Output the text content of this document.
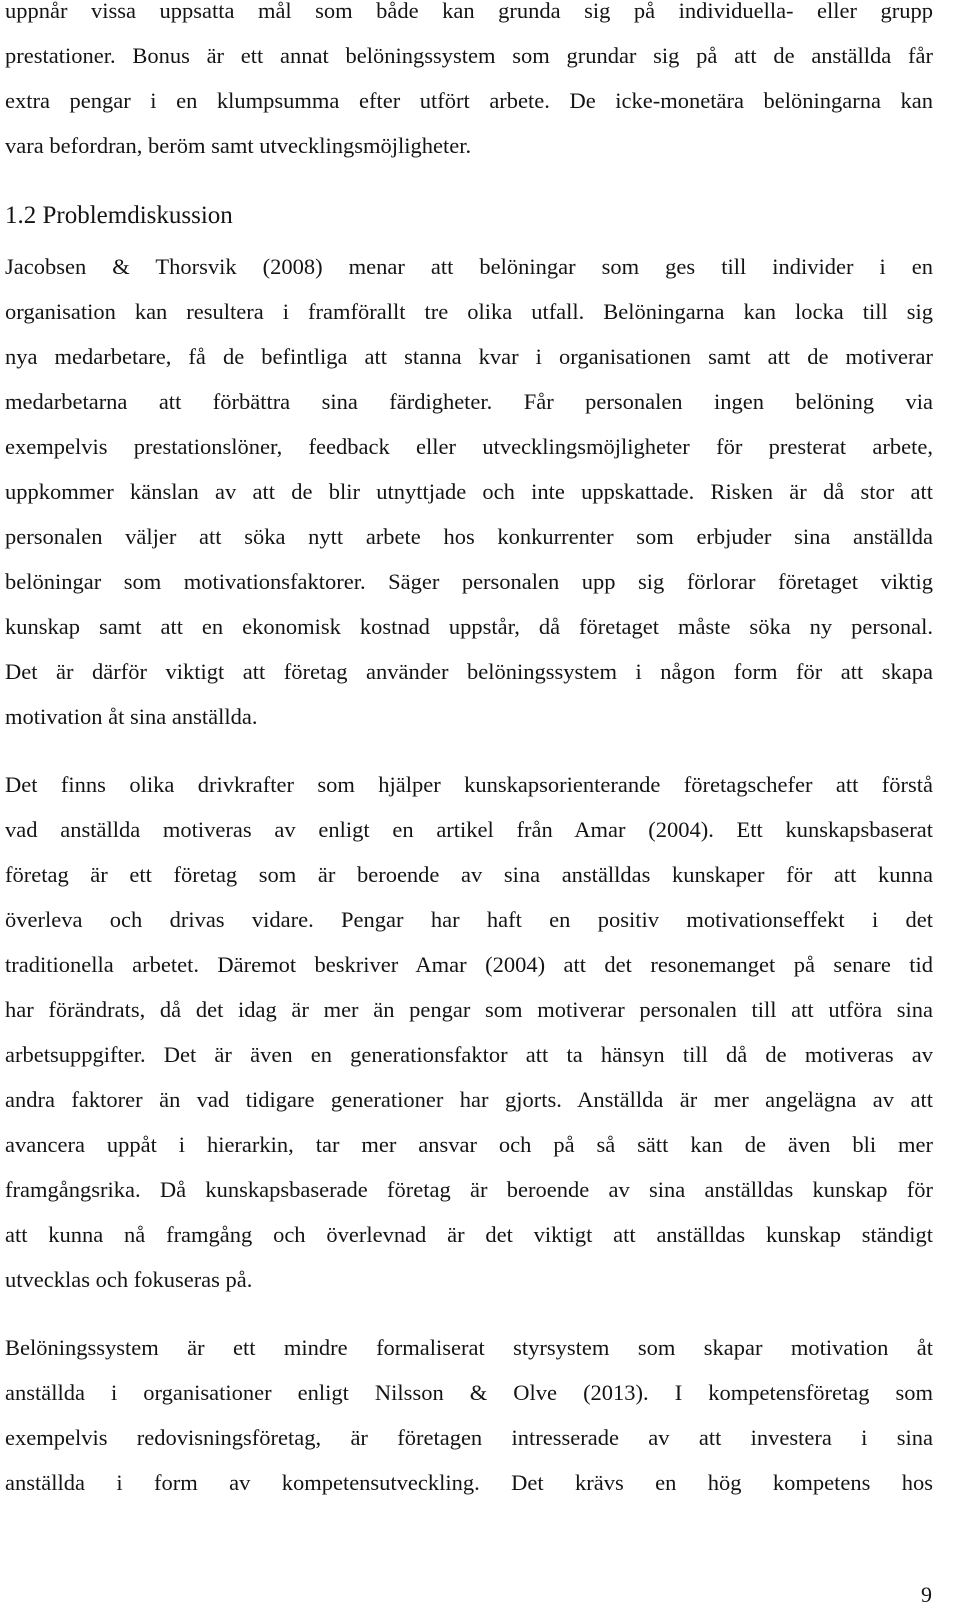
uppnår vissa uppsatta mål som både kan grunda sig på individuella- eller grupp
prestationer. Bonus är ett annat belöningssystem som grundar sig på att de anställda får
extra pengar i en klumpsumma efter utfört arbete. De icke-monetära belöningarna kan
vara befordran, beröm samt utvecklingsmöjligheter.
1.2 Problemdiskussion
Jacobsen & Thorsvik (2008) menar att belöningar som ges till individer i en
organisation kan resultera i framförallt tre olika utfall. Belöningarna kan locka till sig
nya medarbetare, få de befintliga att stanna kvar i organisationen samt att de motiverar
medarbetarna att förbättra sina färdigheter. Får personalen ingen belöning via
exempelvis prestationslöner, feedback eller utvecklingsmöjligheter för presterat arbete,
uppkommer känslan av att de blir utnyttjade och inte uppskattade. Risken är då stor att
personalen väljer att söka nytt arbete hos konkurrenter som erbjuder sina anställda
belöningar som motivationsfaktorer. Säger personalen upp sig förlorar företaget viktig
kunskap samt att en ekonomisk kostnad uppstår, då företaget måste söka ny personal.
Det är därför viktigt att företag använder belöningssystem i någon form för att skapa
motivation åt sina anställda.
Det finns olika drivkrafter som hjälper kunskapsorienterande företagschefer att förstå
vad anställda motiveras av enligt en artikel från Amar (2004). Ett kunskapsbaserat
företag är ett företag som är beroende av sina anställdas kunskaper för att kunna
överleva och drivas vidare. Pengar har haft en positiv motivationseffekt i det
traditionella arbetet. Däremot beskriver Amar (2004) att det resonemanget på senare tid
har förändrats, då det idag är mer än pengar som motiverar personalen till att utföra sina
arbetsuppgifter. Det är även en generationsfaktor att ta hänsyn till då de motiveras av
andra faktorer än vad tidigare generationer har gjorts. Anställda är mer angelägna av att
avancera uppåt i hierarkin, tar mer ansvar och på så sätt kan de även bli mer
framgångsrika. Då kunskapsbaserade företag är beroende av sina anställdas kunskap för
att kunna nå framgång och överlevnad är det viktigt att anställdas kunskap ständigt
utvecklas och fokuseras på.
Belöningssystem är ett mindre formaliserat styrsystem som skapar motivation åt
anställda i organisationer enligt Nilsson & Olve (2013). I kompetensföretag som
exempelvis redovisningsföretag, är företagen intresserade av att investera i sina
anställda i form av kompetensutveckling. Det krävs en hög kompetens hos
9
